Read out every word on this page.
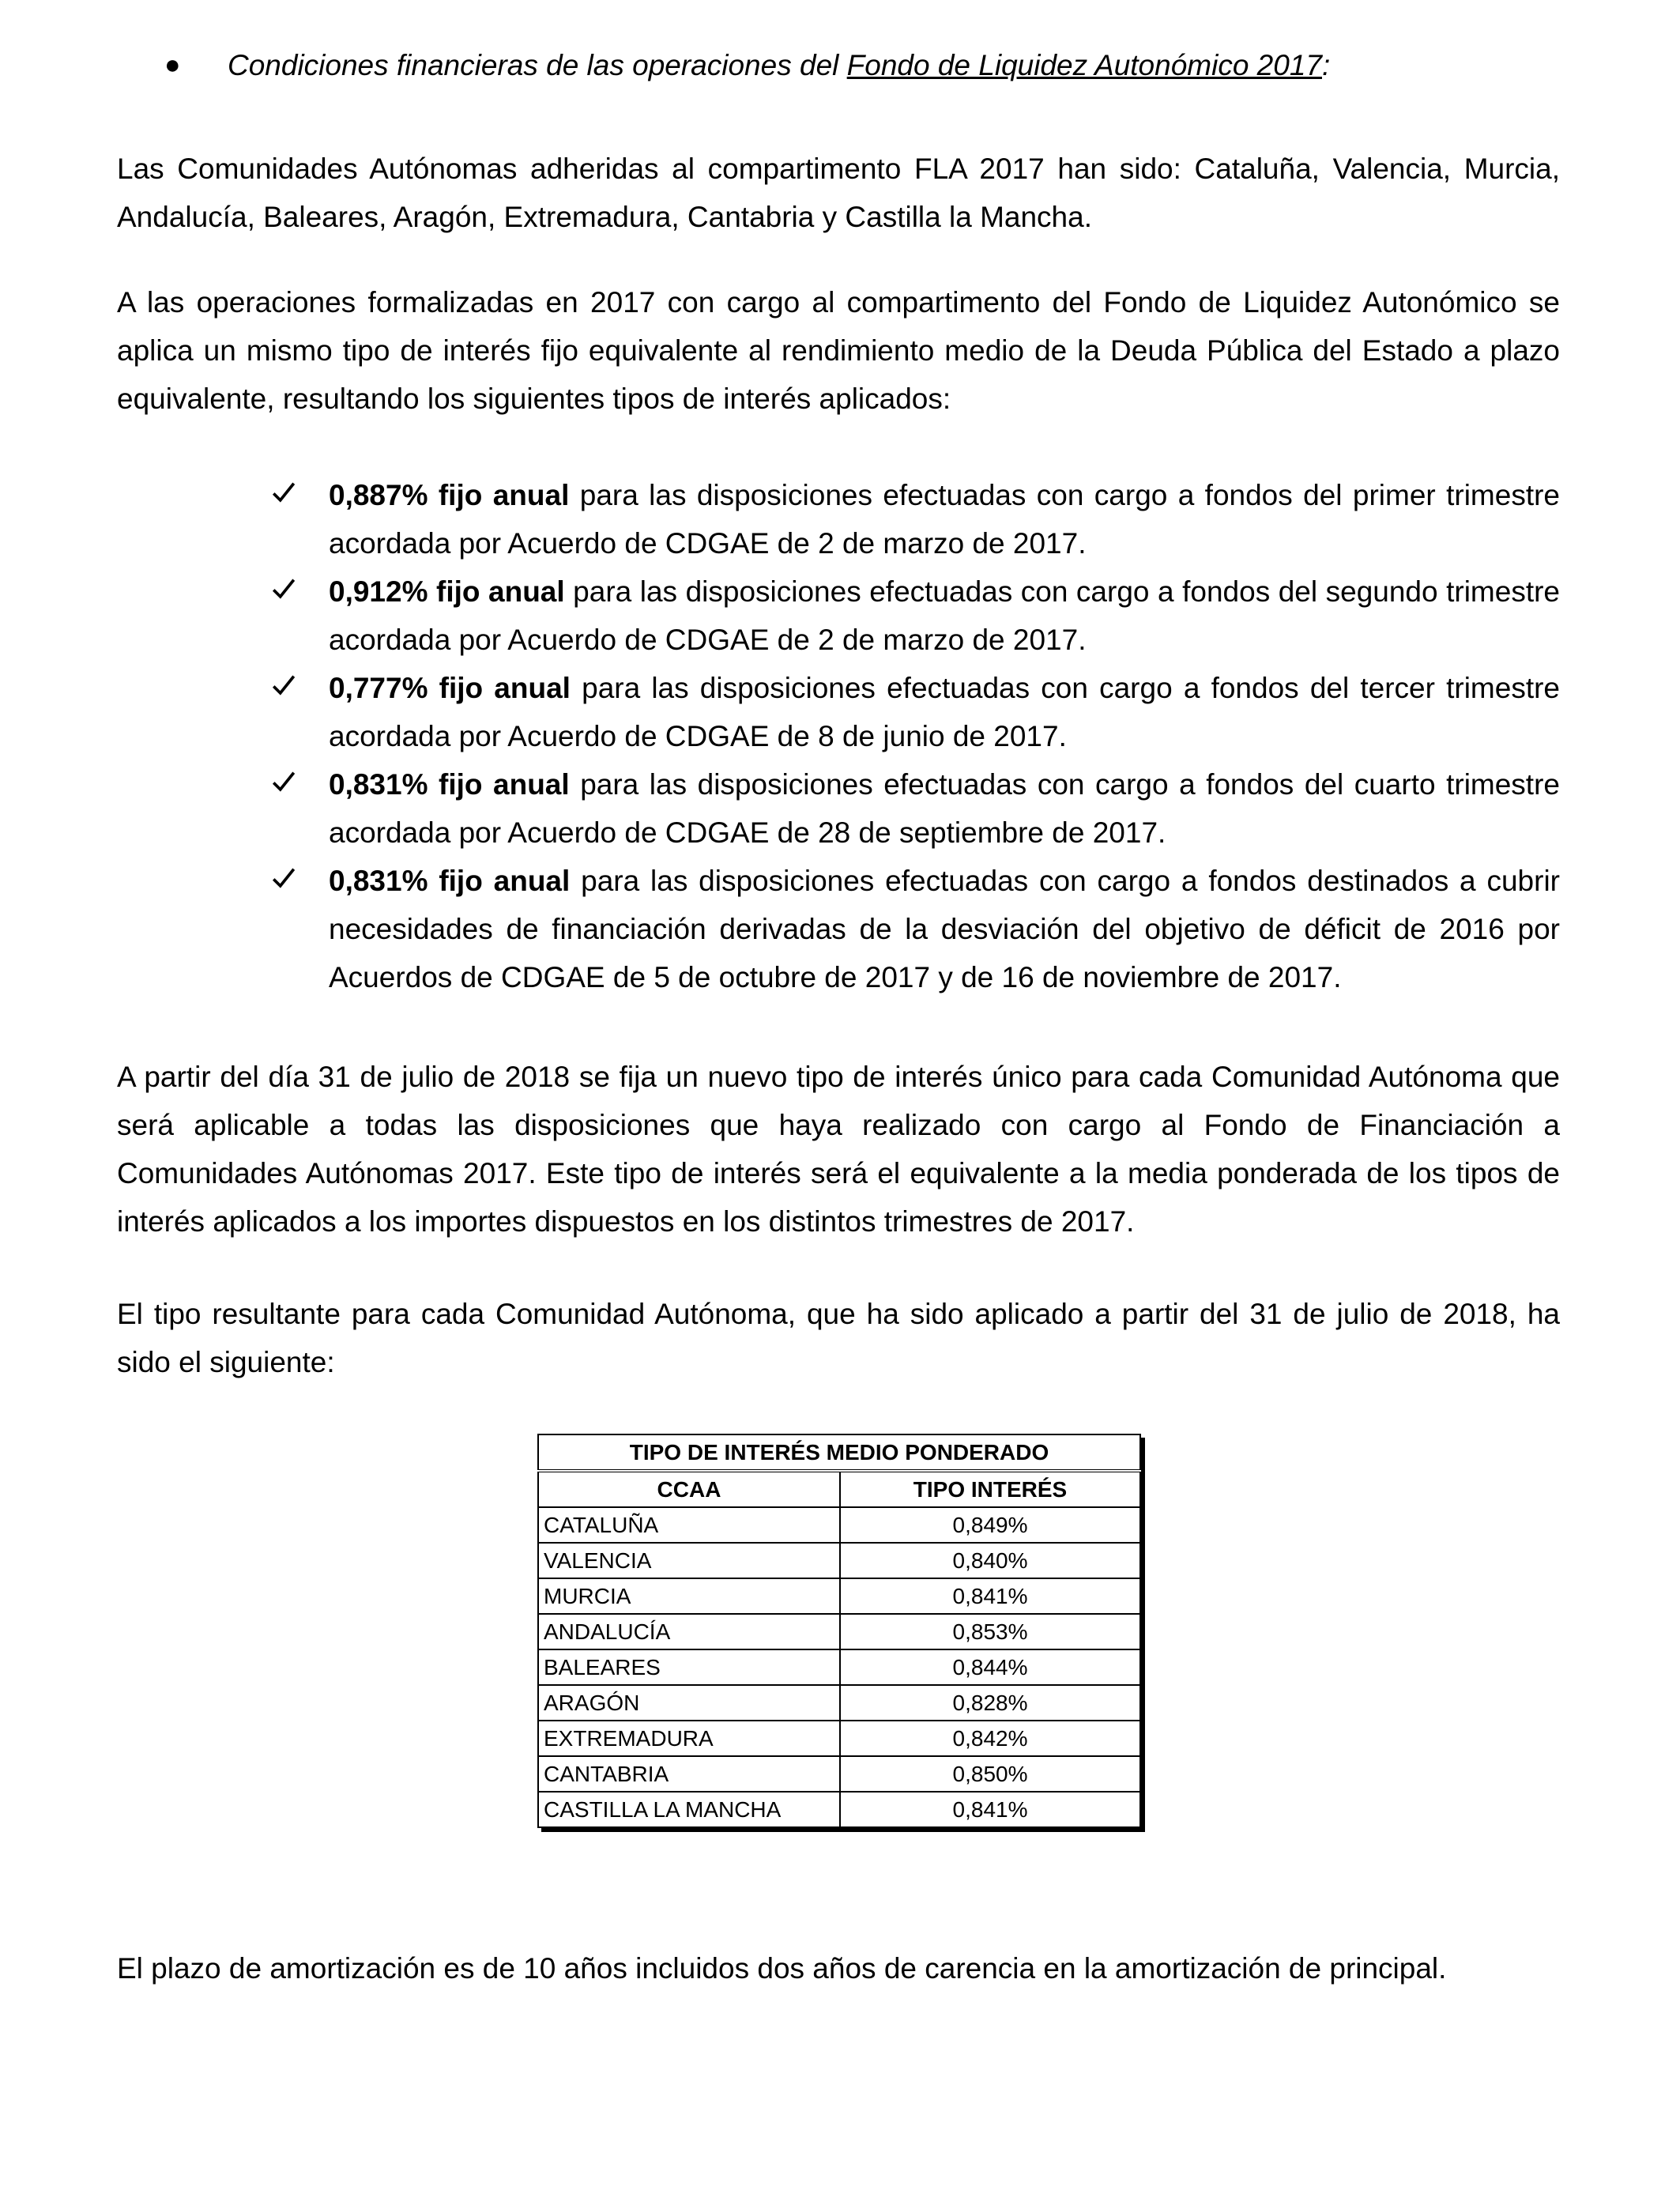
● Condiciones financieras de las operaciones del Fondo de Liquidez Autonómico 2017:

Las Comunidades Autónomas adheridas al compartimento FLA 2017 han sido: Cataluña, Valencia, Murcia, Andalucía, Baleares, Aragón, Extremadura, Cantabria y Castilla la Mancha.

A las operaciones formalizadas en 2017 con cargo al compartimento del Fondo de Liquidez Autonómico se aplica un mismo tipo de interés fijo equivalente al rendimiento medio de la Deuda Pública del Estado a plazo equivalente, resultando los siguientes tipos de interés aplicados:

0,887% fijo anual para las disposiciones efectuadas con cargo a fondos del primer trimestre acordada por Acuerdo de CDGAE de 2 de marzo de 2017.

0,912% fijo anual para las disposiciones efectuadas con cargo a fondos del segundo trimestre acordada por Acuerdo de CDGAE de 2 de marzo de 2017.

0,777% fijo anual para las disposiciones efectuadas con cargo a fondos del tercer trimestre acordada por Acuerdo de CDGAE de 8 de junio de 2017.

0,831% fijo anual para las disposiciones efectuadas con cargo a fondos del cuarto trimestre acordada por Acuerdo de CDGAE de 28 de septiembre de 2017.

0,831% fijo anual para las disposiciones efectuadas con cargo a fondos destinados a cubrir necesidades de financiación derivadas de la desviación del objetivo de déficit de 2016 por Acuerdos de CDGAE de 5 de octubre de 2017 y de 16 de noviembre de 2017.

A partir del día 31 de julio de 2018 se fija un nuevo tipo de interés único para cada Comunidad Autónoma que será aplicable a todas las disposiciones que haya realizado con cargo al Fondo de Financiación a Comunidades Autónomas 2017. Este tipo de interés será el equivalente a la media ponderada de los tipos de interés aplicados a los importes dispuestos en los distintos trimestres de 2017.

El tipo resultante para cada Comunidad Autónoma, que ha sido aplicado a partir del 31 de julio de 2018, ha sido el siguiente:

TIPO DE INTERÉS MEDIO PONDERADO	
CCAA	TIPO INTERÉS
CATALUÑA	0,849%
VALENCIA	0,840%
MURCIA	0,841%
ANDALUCÍA	0,853%
BALEARES	0,844%
ARAGÓN	0,828%
EXTREMADURA	0,842%
CANTABRIA	0,850%
CASTILLA LA MANCHA	0,841%

El plazo de amortización es de 10 años incluidos dos años de carencia en la amortización de principal.
